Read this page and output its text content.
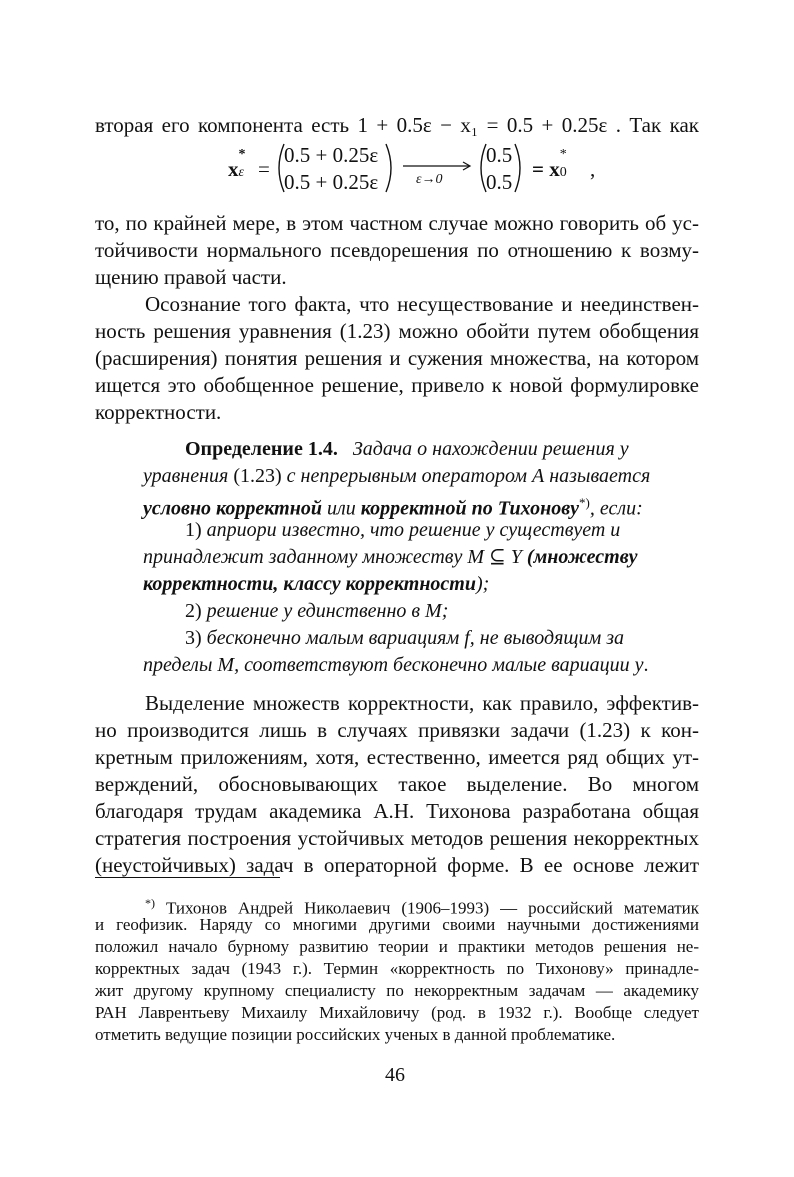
вторая его компонента есть 1 + 0.5ε − x₁ = 0.5 + 0.25ε . Так как
x
*
ε =
0.5 + 0.25ε
0.5 + 0.25ε	ε→0
0.5
0.5
= x
*
0 ,
то, по крайней мере, в этом частном случае можно говорить об ус-
тойчивости нормального псевдорешения по отношению к возму-
щению правой части.
Осознание того факта, что несуществование и неединствен-
ность решения уравнения (1.23) можно обойти путем обобщения
(расширения) понятия решения и сужения множества, на котором
ищется это обобщенное решение, привело к новой формулировке
корректности.
Определение 1.4. Задача о нахождении решения y
уравнения (1.23) с непрерывным оператором A называется
условно корректной или корректной по Тихонову*), если:
1) априори известно, что решение y существует и
принадлежит заданному множеству M ⊆ Y (множеству
корректности, классу корректности);
2) решение y единственно в M;
3) бесконечно малым вариациям f, не выводящим за
пределы M, соответствуют бесконечно малые вариации y.
Выделение множеств корректности, как правило, эффектив-
но производится лишь в случаях привязки задачи (1.23) к кон-
кретным приложениям, хотя, естественно, имеется ряд общих ут-
верждений, обосновывающих такое выделение. Во многом
благодаря трудам академика А.Н. Тихонова разработана общая
стратегия построения устойчивых методов решения некорректных
(неустойчивых) задач в операторной форме. В ее основе лежит
*) Тихонов Андрей Николаевич (1906–1993) — российский математик
и геофизик. Наряду со многими другими своими научными достижениями
положил начало бурному развитию теории и практики методов решения не-
корректных задач (1943 г.). Термин «корректность по Тихонову» принадле-
жит другому крупному специалисту по некорректным задачам — академику
РАН Лаврентьеву Михаилу Михайловичу (род. в 1932 г.). Вообще следует
отметить ведущие позиции российских ученых в данной проблематике.
46
